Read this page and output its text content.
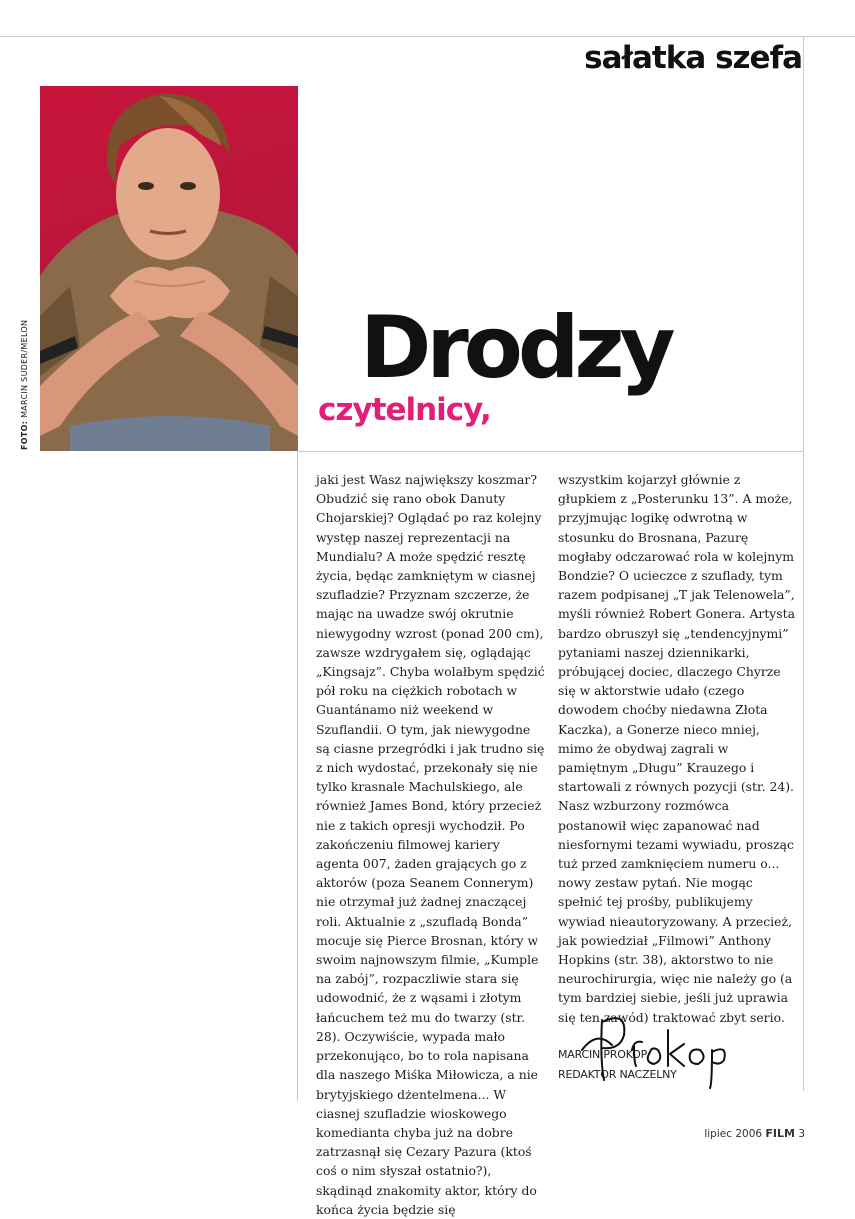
sałatka szefa
FOTO: MARCIN SUDER/MELON	Drodzy
czytelnicy,

jaki jest Wasz największy koszmar? Obudzić się rano obok Danuty Chojarskiej? Oglądać po raz kolejny występ naszej reprezentacji na Mundialu? A może spędzić resztę życia, będąc zamkniętym w ciasnej szufladzie? Przyznam szczerze, że mając na uwadze swój okrutnie niewygodny wzrost (ponad 200 cm), zawsze wzdrygałem się, oglądając „Kingsajz”. Chyba wolałbym spędzić pół roku na ciężkich robotach w Guantánamo niż weekend w Szuflandii. O tym, jak niewygodne są ciasne przegródki i jak trudno się z nich wydostać, przekonały się nie tylko krasnale Machulskiego, ale również James Bond, który przecież nie z takich opresji wychodził. Po zakończeniu filmowej kariery agenta 007, żaden grających go z aktorów (poza Seanem Connerym) nie otrzymał już żadnej znaczącej roli. Aktualnie z „szufladą Bonda” mocuje się Pierce Brosnan, który w swoim najnowszym filmie, „Kumple na zabój”, rozpaczliwie stara się udowodnić, że z wąsami i złotym łańcuchem też mu do twarzy (str. 28). Oczywiście, wypada mało przekonująco, bo to rola napisana dla naszego Miśka Miłowicza, a nie brytyjskiego dżentelmena... W ciasnej szufladzie wioskowego komedianta chyba już na dobre zatrzasnął się Cezary Pazura (ktoś coś o nim słyszał ostatnio?), skądinąd znakomity aktor, który do końca życia będzie się

wszystkim kojarzył głównie z głupkiem z „Posterunku 13”. A może, przyjmując logikę odwrotną w stosunku do Brosnana, Pazurę mogłaby odczarować rola w kolejnym Bondzie? O ucieczce z szuflady, tym razem podpisanej „T jak Telenowela”, myśli również Robert Gonera. Artysta bardzo obruszył się „tendencyjnymi” pytaniami naszej dziennikarki, próbującej dociec, dlaczego Chyrze się w aktorstwie udało (czego dowodem choćby niedawna Złota Kaczka), a Gonerze nieco mniej, mimo że obydwaj zagrali w pamiętnym „Długu” Krauzego i startowali z równych pozycji (str. 24). Nasz wzburzony rozmówca postanowił więc zapanować nad niesfornymi tezami wywiadu, prosząc tuż przed zamknięciem numeru o... nowy zestaw pytań. Nie mogąc spełnić tej prośby, publikujemy wywiad nieautoryzowany. A przecież, jak powiedział „Filmowi” Anthony Hopkins (str. 38), aktorstwo to nie neurochirurgia, więc nie należy go (a tym bardziej siebie, jeśli już uprawia się ten zawód) traktować zbyt serio.

MARCIN PROKOP
REDAKTOR NACZELNY
lipiec 2006 FILM 3
